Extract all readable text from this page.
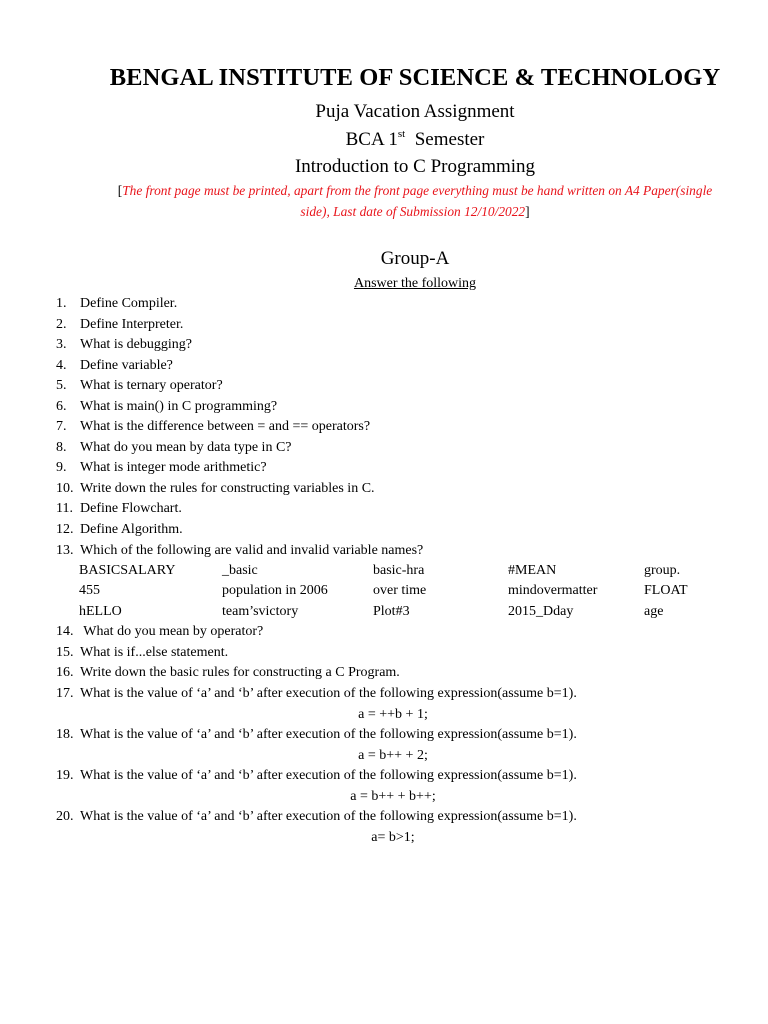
BENGAL INSTITUTE OF SCIENCE & TECHNOLOGY
Puja Vacation Assignment
BCA 1st Semester
Introduction to C Programming
[The front page must be printed, apart from the front page everything must be hand written on A4 Paper(single side), Last date of Submission 12/10/2022]
Group-A
Answer the following
1. Define Compiler.
2. Define Interpreter.
3. What is debugging?
4. Define variable?
5. What is ternary operator?
6. What is main() in C programming?
7. What is the difference between = and == operators?
8. What do you mean by data type in C?
9. What is integer mode arithmetic?
10. Write down the rules for constructing variables in C.
11. Define Flowchart.
12. Define Algorithm.
13. Which of the following are valid and invalid variable names?
BASICSALARY	_basic	basic-hra	#MEAN	group.
455	population in 2006	over time	mindovermatter	FLOAT
hELLO	team’svictory	Plot#3	2015_Dday	age
14. What do you mean by operator?
15. What is if...else statement.
16. Write down the basic rules for constructing a C Program.
17. What is the value of ‘a’ and ‘b’ after execution of the following expression(assume b=1).
a = ++b + 1;
18. What is the value of ‘a’ and ‘b’ after execution of the following expression(assume b=1).
a = b++ + 2;
19. What is the value of ‘a’ and ‘b’ after execution of the following expression(assume b=1).
a = b++ + b++;
20. What is the value of ‘a’ and ‘b’ after execution of the following expression(assume b=1).
a= b>1;
